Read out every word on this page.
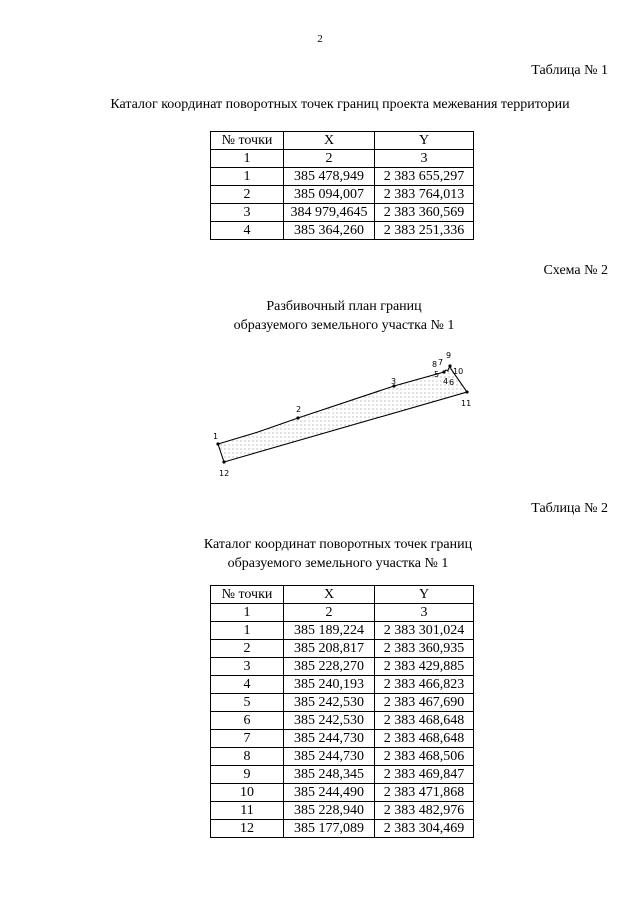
2
Таблица № 1
Каталог координат поворотных точек границ проекта межевания территории
№ точки	X	Y
1	2	3
1	385 478,949	2 383 655,297
2	385 094,007	2 383 764,013
3	384 979,4645	2 383 360,569
4	385 364,260	2 383 251,336
Схема № 2
Разбивочный план границ
образуемого земельного участка № 1
1
2
3	4
5
6
7
8
9
10
11
12
Таблица № 2
Каталог координат поворотных точек границ
образуемого земельного участка № 1
№ точки	X	Y
1	2	3
1	385 189,224	2 383 301,024
2	385 208,817	2 383 360,935
3	385 228,270	2 383 429,885
4	385 240,193	2 383 466,823
5	385 242,530	2 383 467,690
6	385 242,530	2 383 468,648
7	385 244,730	2 383 468,648
8	385 244,730	2 383 468,506
9	385 248,345	2 383 469,847
10	385 244,490	2 383 471,868
11	385 228,940	2 383 482,976
12	385 177,089	2 383 304,469
